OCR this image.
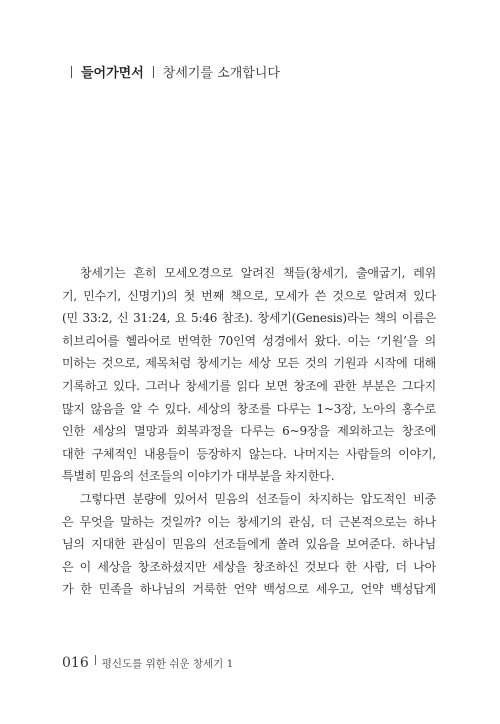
들어가면서 창세기를 소개합니다
창세기는 흔히 모세오경으로 알려진 책들(창세기, 출애굽기, 레위
기, 민수기, 신명기)의 첫 번째 책으로, 모세가 쓴 것으로 알려져 있다
(민 33:2, 신 31:24, 요 5:46 참조). 창세기(Genesis)라는 책의 이름은
히브리어를 헬라어로 번역한 70인역 성경에서 왔다. 이는 ‘기원’을 의
미하는 것으로, 제목처럼 창세기는 세상 모든 것의 기원과 시작에 대해
기록하고 있다. 그러나 창세기를 읽다 보면 창조에 관한 부분은 그다지
많지 않음을 알 수 있다. 세상의 창조를 다루는 1~3장, 노아의 홍수로
인한 세상의 멸망과 회복과정을 다루는 6~9장을 제외하고는 창조에
대한 구체적인 내용들이 등장하지 않는다. 나머지는 사람들의 이야기,
특별히 믿음의 선조들의 이야기가 대부분을 차지한다.
그렇다면 분량에 있어서 믿음의 선조들이 차지하는 압도적인 비중
은 무엇을 말하는 것일까? 이는 창세기의 관심, 더 근본적으로는 하나
님의 지대한 관심이 믿음의 선조들에게 쏠려 있음을 보여준다. 하나님
은 이 세상을 창조하셨지만 세상을 창조하신 것보다 한 사람, 더 나아
가 한 민족을 하나님의 거룩한 언약 백성으로 세우고, 언약 백성답게
016 평신도를 위한 쉬운 창세기 1
